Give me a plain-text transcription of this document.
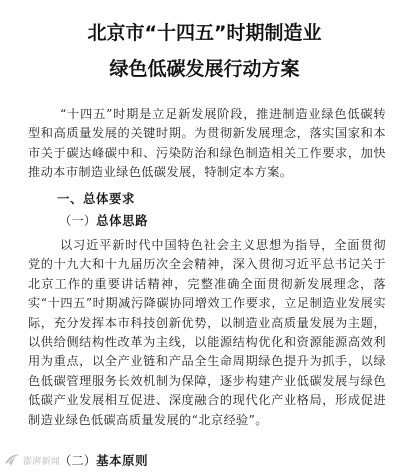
北京市“十四五”时期制造业
绿色低碳发展行动方案
“十四五”时期是立足新发展阶段，推进制造业绿色低碳转型和高质量发展的关键时期。为贯彻新发展理念，落实国家和本市关于碳达峰碳中和、污染防治和绿色制造相关工作要求，加快推动本市制造业绿色低碳发展，特制定本方案。
一、总体要求
（一）总体思路
以习近平新时代中国特色社会主义思想为指导，全面贯彻党的十九大和十九届历次全会精神，深入贯彻习近平总书记关于北京工作的重要讲话精神，完整准确全面贯彻新发展理念，落实“十四五”时期减污降碳协同增效工作要求，立足制造业发展实际，充分发挥本市科技创新优势，以制造业高质量发展为主题，以供给侧结构性改革为主线，以能源结构优化和资源能源高效利用为重点，以全产业链和产品全生命周期绿色提升为抓手，以绿色低碳管理服务长效机制为保障，逐步构建产业低碳发展与绿色低碳产业发展相互促进、深度融合的现代化产业格局，形成促进制造业绿色低碳高质量发展的“北京经验”。
（二）基本原则
澎湃新闻
